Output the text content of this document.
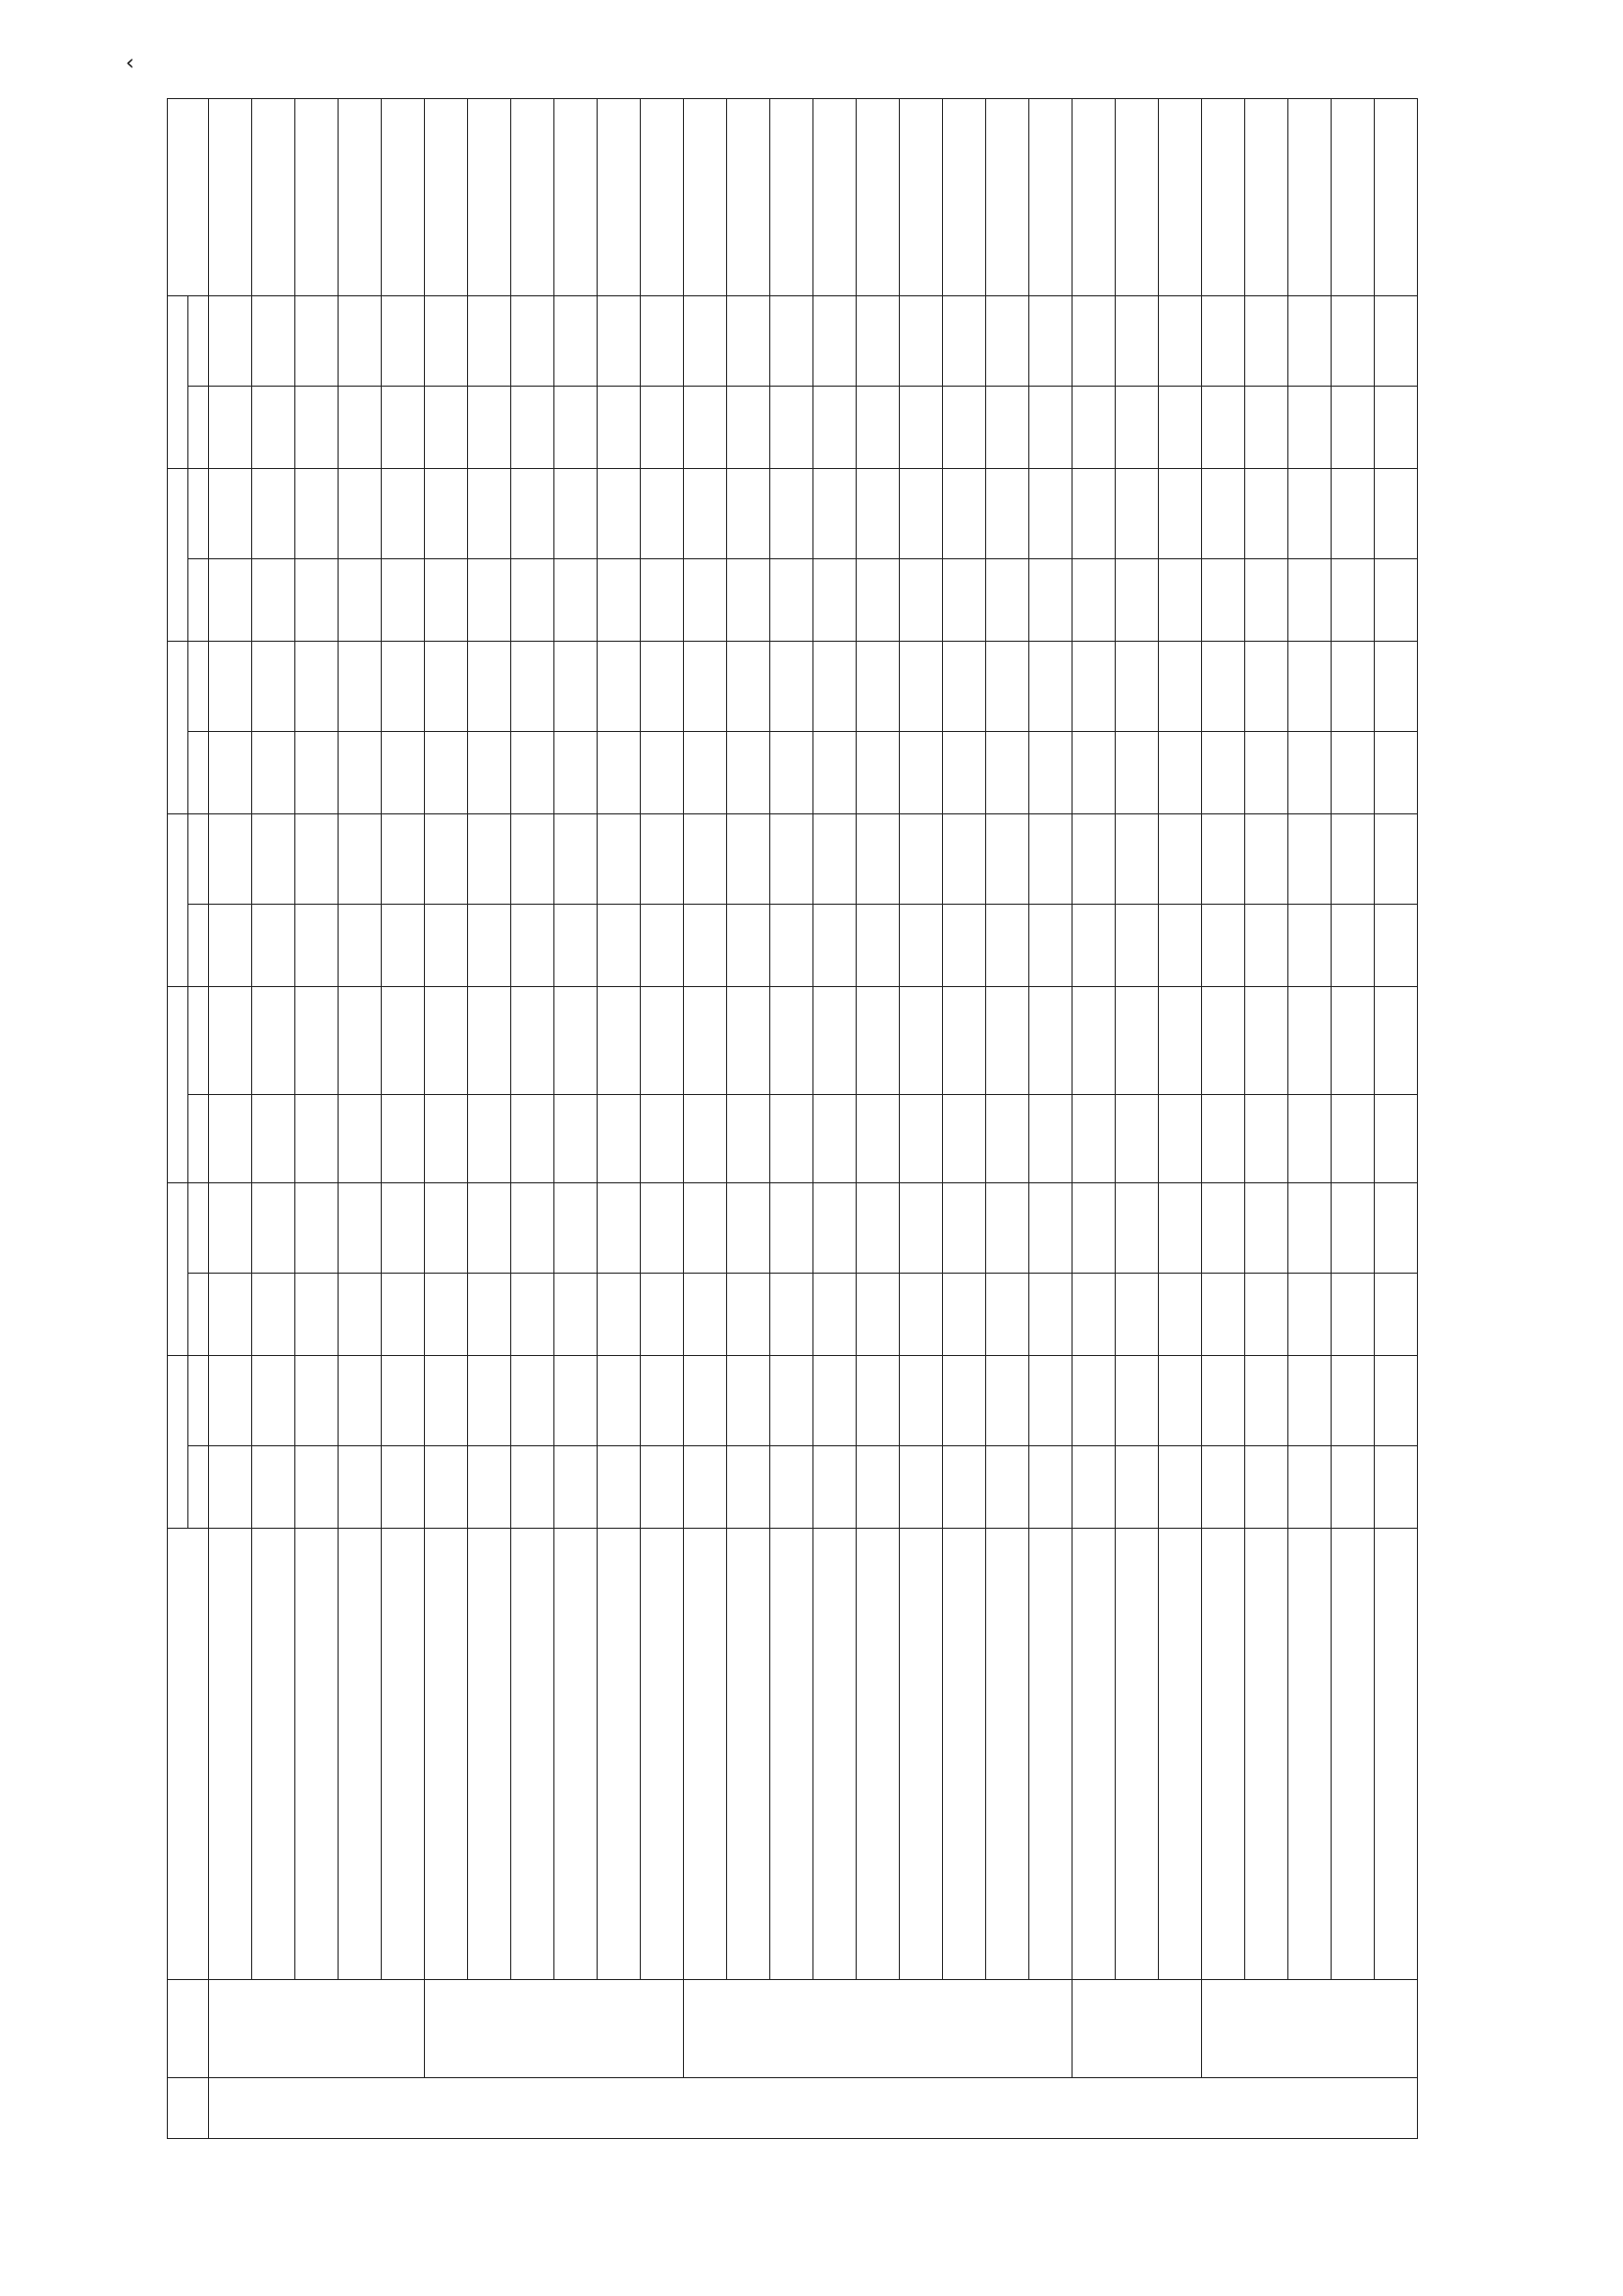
‹
